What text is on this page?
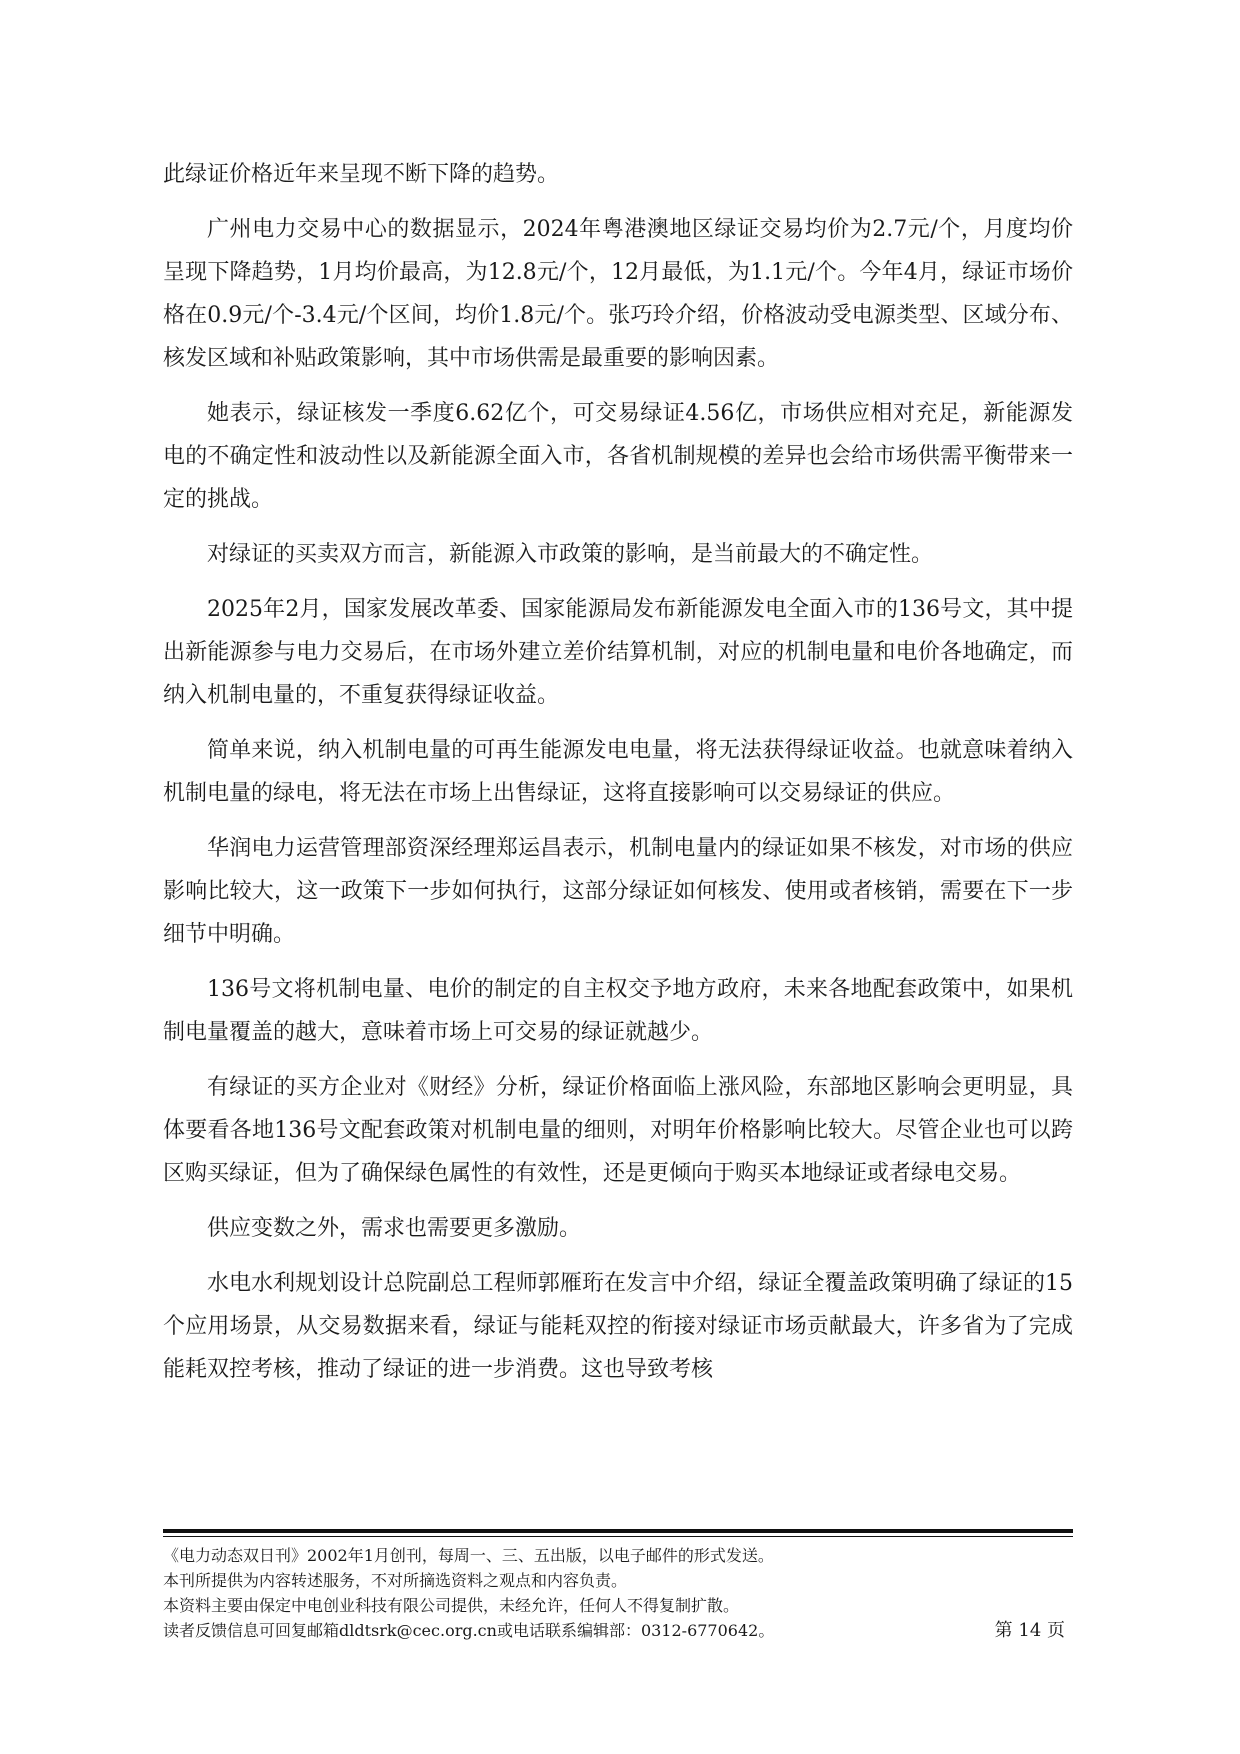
此绿证价格近年来呈现不断下降的趋势。

广州电力交易中心的数据显示，2024年粤港澳地区绿证交易均价为2.7元/个，月度均价呈现下降趋势，1月均价最高，为12.8元/个，12月最低，为1.1元/个。今年4月，绿证市场价格在0.9元/个-3.4元/个区间，均价1.8元/个。张巧玲介绍，价格波动受电源类型、区域分布、核发区域和补贴政策影响，其中市场供需是最重要的影响因素。

她表示，绿证核发一季度6.62亿个，可交易绿证4.56亿，市场供应相对充足，新能源发电的不确定性和波动性以及新能源全面入市，各省机制规模的差异也会给市场供需平衡带来一定的挑战。

对绿证的买卖双方而言，新能源入市政策的影响，是当前最大的不确定性。

2025年2月，国家发展改革委、国家能源局发布新能源发电全面入市的136号文，其中提出新能源参与电力交易后，在市场外建立差价结算机制，对应的机制电量和电价各地确定，而纳入机制电量的，不重复获得绿证收益。

简单来说，纳入机制电量的可再生能源发电电量，将无法获得绿证收益。也就意味着纳入机制电量的绿电，将无法在市场上出售绿证，这将直接影响可以交易绿证的供应。

华润电力运营管理部资深经理郑运昌表示，机制电量内的绿证如果不核发，对市场的供应影响比较大，这一政策下一步如何执行，这部分绿证如何核发、使用或者核销，需要在下一步细节中明确。

136号文将机制电量、电价的制定的自主权交予地方政府，未来各地配套政策中，如果机制电量覆盖的越大，意味着市场上可交易的绿证就越少。

有绿证的买方企业对《财经》分析，绿证价格面临上涨风险，东部地区影响会更明显，具体要看各地136号文配套政策对机制电量的细则，对明年价格影响比较大。尽管企业也可以跨区购买绿证，但为了确保绿色属性的有效性，还是更倾向于购买本地绿证或者绿电交易。

供应变数之外，需求也需要更多激励。

水电水利规划设计总院副总工程师郭雁珩在发言中介绍，绿证全覆盖政策明确了绿证的15个应用场景，从交易数据来看，绿证与能耗双控的衔接对绿证市场贡献最大，许多省为了完成能耗双控考核，推动了绿证的进一步消费。这也导致考核

《电力动态双日刊》2002年1月创刊，每周一、三、五出版，以电子邮件的形式发送。
本刊所提供为内容转述服务，不对所摘选资料之观点和内容负责。
本资料主要由保定中电创业科技有限公司提供，未经允许，任何人不得复制扩散。
读者反馈信息可回复邮箱dldtsrk@cec.org.cn或电话联系编辑部：0312-6770642。	第 14 页
